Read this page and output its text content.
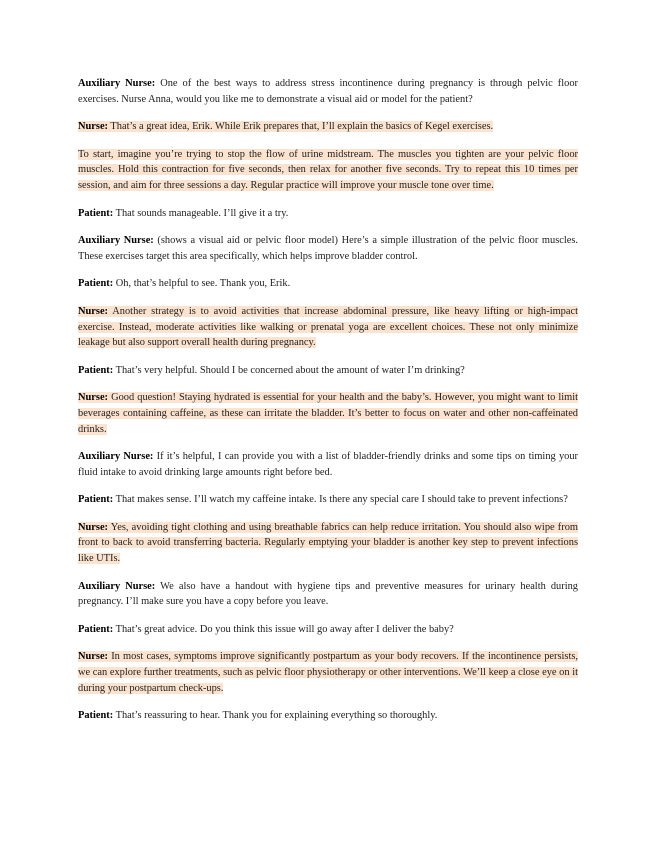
Auxiliary Nurse: One of the best ways to address stress incontinence during pregnancy is through pelvic floor exercises. Nurse Anna, would you like me to demonstrate a visual aid or model for the patient?

Nurse: That’s a great idea, Erik. While Erik prepares that, I’ll explain the basics of Kegel exercises.

To start, imagine you’re trying to stop the flow of urine midstream. The muscles you tighten are your pelvic floor muscles. Hold this contraction for five seconds, then relax for another five seconds. Try to repeat this 10 times per session, and aim for three sessions a day. Regular practice will improve your muscle tone over time.

Patient: That sounds manageable. I’ll give it a try.

Auxiliary Nurse: (shows a visual aid or pelvic floor model) Here’s a simple illustration of the pelvic floor muscles. These exercises target this area specifically, which helps improve bladder control.

Patient: Oh, that’s helpful to see. Thank you, Erik.

Nurse: Another strategy is to avoid activities that increase abdominal pressure, like heavy lifting or high-impact exercise. Instead, moderate activities like walking or prenatal yoga are excellent choices. These not only minimize leakage but also support overall health during pregnancy.

Patient: That’s very helpful. Should I be concerned about the amount of water I’m drinking?

Nurse: Good question! Staying hydrated is essential for your health and the baby’s. However, you might want to limit beverages containing caffeine, as these can irritate the bladder. It’s better to focus on water and other non-caffeinated drinks.

Auxiliary Nurse: If it’s helpful, I can provide you with a list of bladder-friendly drinks and some tips on timing your fluid intake to avoid drinking large amounts right before bed.

Patient: That makes sense. I’ll watch my caffeine intake. Is there any special care I should take to prevent infections?

Nurse: Yes, avoiding tight clothing and using breathable fabrics can help reduce irritation. You should also wipe from front to back to avoid transferring bacteria. Regularly emptying your bladder is another key step to prevent infections like UTIs.

Auxiliary Nurse: We also have a handout with hygiene tips and preventive measures for urinary health during pregnancy. I’ll make sure you have a copy before you leave.

Patient: That’s great advice. Do you think this issue will go away after I deliver the baby?

Nurse: In most cases, symptoms improve significantly postpartum as your body recovers. If the incontinence persists, we can explore further treatments, such as pelvic floor physiotherapy or other interventions. We’ll keep a close eye on it during your postpartum check-ups.

Patient: That’s reassuring to hear. Thank you for explaining everything so thoroughly.
